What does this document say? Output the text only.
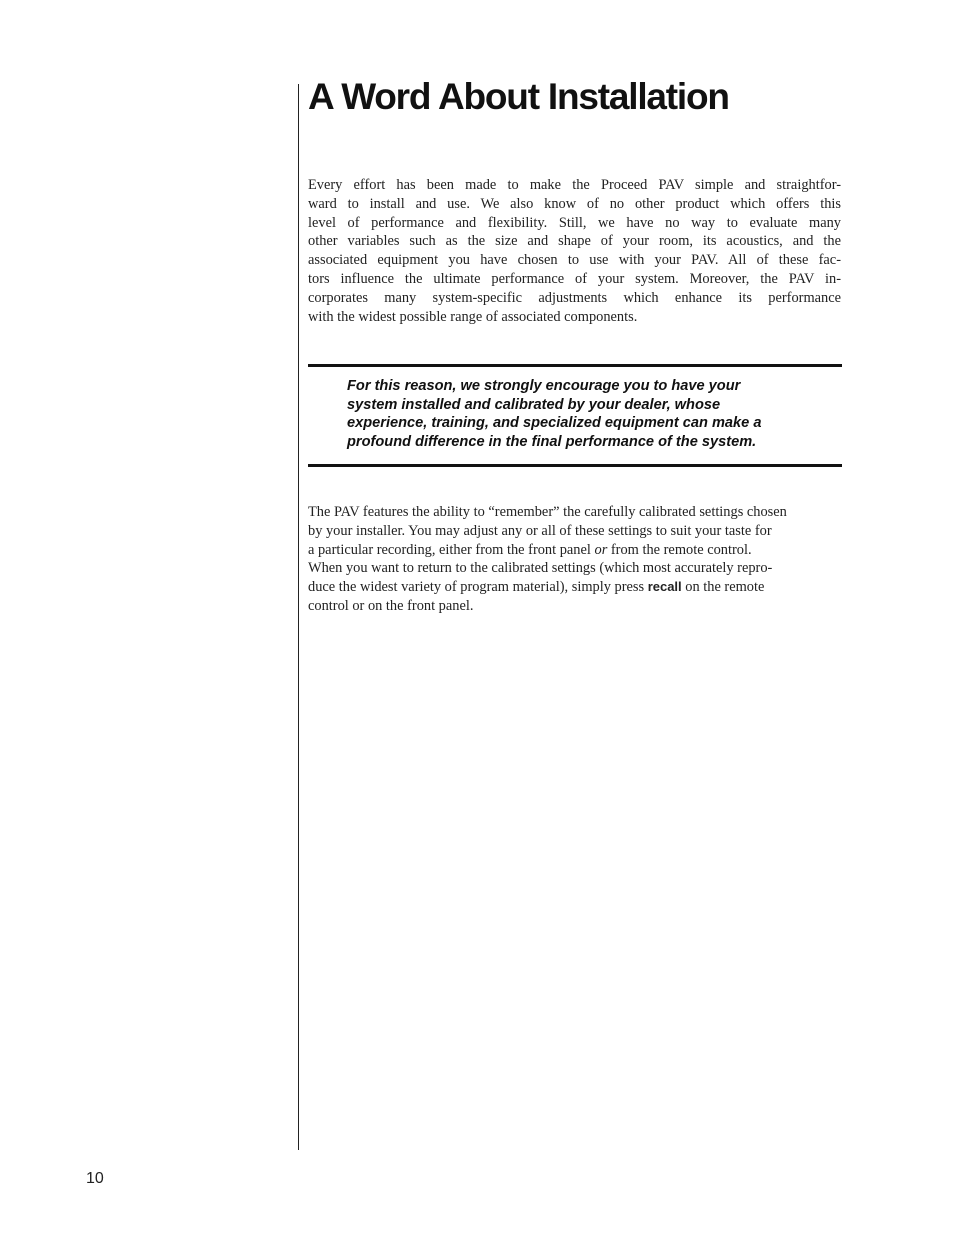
A Word About Installation
Every effort has been made to make the Proceed PAV simple and straightfor-
ward to install and use. We also know of no other product which offers this
level of performance and flexibility. Still, we have no way to evaluate many
other variables such as the size and shape of your room, its acoustics, and the
associated equipment you have chosen to use with your PAV. All of these fac-
tors influence the ultimate performance of your system. Moreover, the PAV in-
corporates many system-specific adjustments which enhance its performance
with the widest possible range of associated components.
For this reason, we strongly encourage you to have your
system installed and calibrated by your dealer, whose
experience, training, and specialized equipment can make a
profound difference in the final performance of the system.
The PAV features the ability to “remember” the carefully calibrated settings chosen
by your installer. You may adjust any or all of these settings to suit your taste for
a particular recording, either from the front panel or from the remote control.
When you want to return to the calibrated settings (which most accurately repro-
duce the widest variety of program material), simply press recall on the remote
control or on the front panel.
10
